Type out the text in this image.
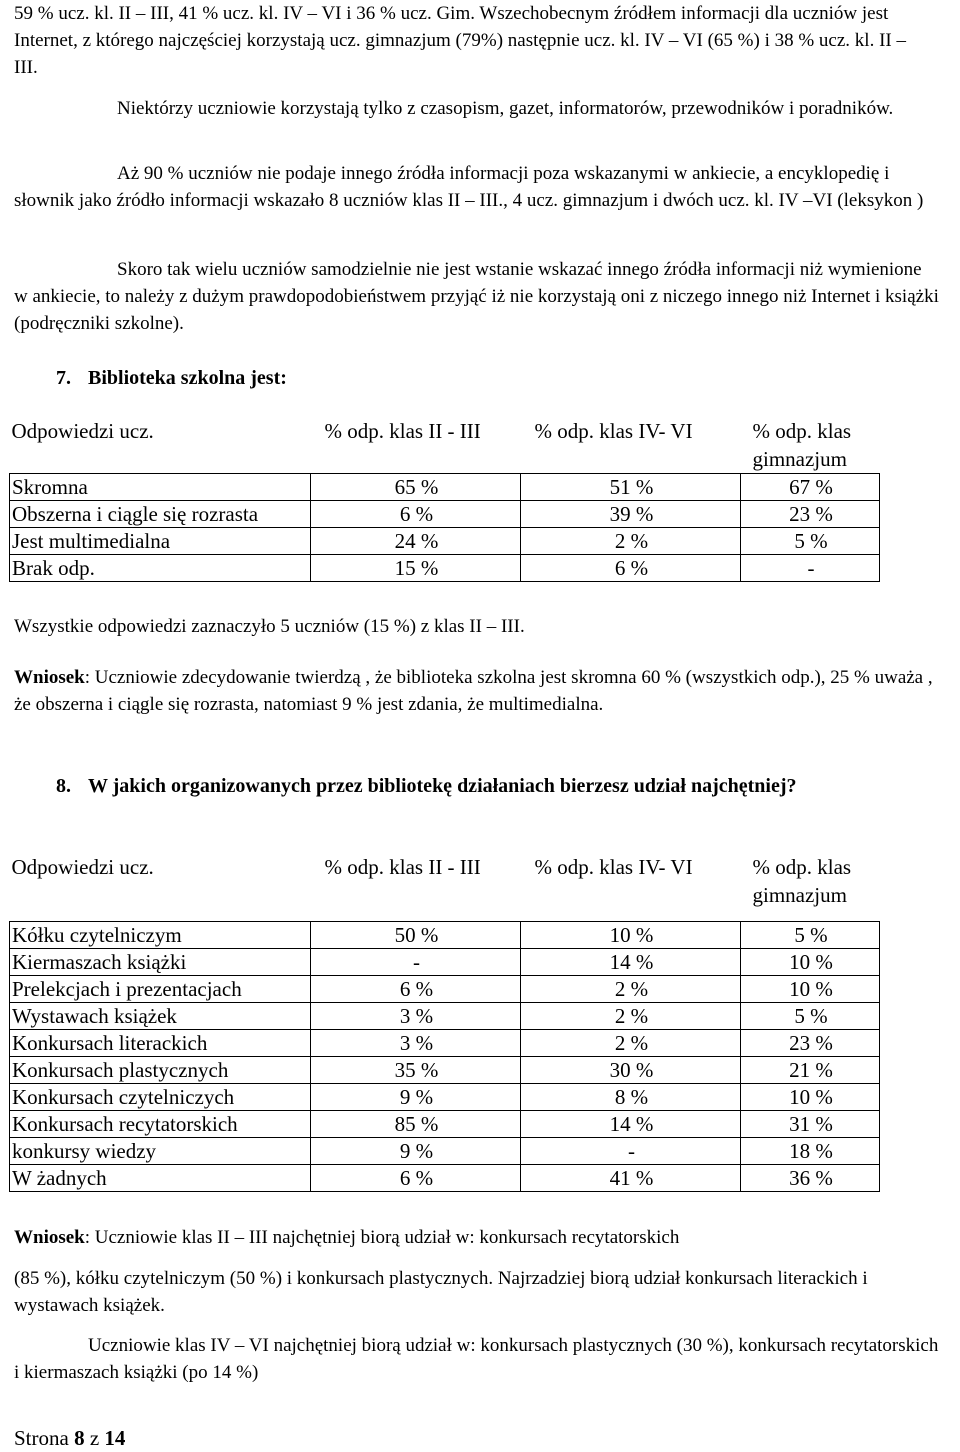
59 % ucz. kl. II – III, 41 % ucz. kl. IV – VI i 36 % ucz. Gim. Wszechobecnym źródłem informacji dla uczniów jest Internet, z którego najczęściej korzystają ucz. gimnazjum (79%) następnie ucz. kl. IV – VI (65 %) i 38 % ucz. kl. II – III.

Niektórzy uczniowie korzystają tylko z czasopism, gazet, informatorów, przewodników i poradników.

Aż 90 % uczniów nie podaje innego źródła informacji poza wskazanymi w ankiecie, a encyklopedię i słownik jako źródło informacji wskazało 8 uczniów klas II – III., 4 ucz. gimnazjum i dwóch ucz. kl. IV –VI (leksykon )

Skoro tak wielu uczniów samodzielnie nie jest wstanie wskazać innego źródła informacji niż wymienione w ankiecie, to należy z dużym prawdopodobieństwem przyjąć iż nie korzystają oni z niczego innego niż Internet i książki (podręczniki szkolne).

7. Biblioteka szkolna jest:
Odpowiedzi ucz.	% odp. klas II - III	% odp. klas IV- VI	% odp. klas gimnazjum
Skromna	65 %	51 %	67 %
Obszerna i ciągle się rozrasta	6 %	39 %	23 %
Jest multimedialna	24 %	2 %	5 %
Brak odp.	15 %	6 %	-

Wszystkie odpowiedzi zaznaczyło 5 uczniów (15 %) z klas II – III.

Wniosek: Uczniowie zdecydowanie twierdzą , że biblioteka szkolna jest skromna 60 % (wszystkich odp.), 25 % uważa , że obszerna i ciągle się rozrasta, natomiast 9 % jest zdania, że multimedialna.

8. W jakich organizowanych przez bibliotekę działaniach bierzesz udział najchętniej?
Odpowiedzi ucz.	% odp. klas II - III	% odp. klas IV- VI	% odp. klas gimnazjum

Kółku czytelniczym	50 %	10 %	5 %
Kiermaszach książki	-	14 %	10 %
Prelekcjach i prezentacjach	6 %	2 %	10 %
Wystawach książek	3 %	2 %	5 %
Konkursach literackich	3 %	2 %	23 %
Konkursach plastycznych	35 %	30 %	21 %
Konkursach czytelniczych	9 %	8 %	10 %
Konkursach recytatorskich	85 %	14 %	31 %
konkursy wiedzy	9 %	-	18 %
W żadnych	6 %	41 %	36 %

Wniosek: Uczniowie klas II – III najchętniej biorą udział w: konkursach recytatorskich

(85 %), kółku czytelniczym (50 %) i konkursach plastycznych. Najrzadziej biorą udział konkursach literackich i wystawach książek.

Uczniowie klas IV – VI najchętniej biorą udział w: konkursach plastycznych (30 %), konkursach recytatorskich i kiermaszach książki (po 14 %)

Strona 8 z 14
